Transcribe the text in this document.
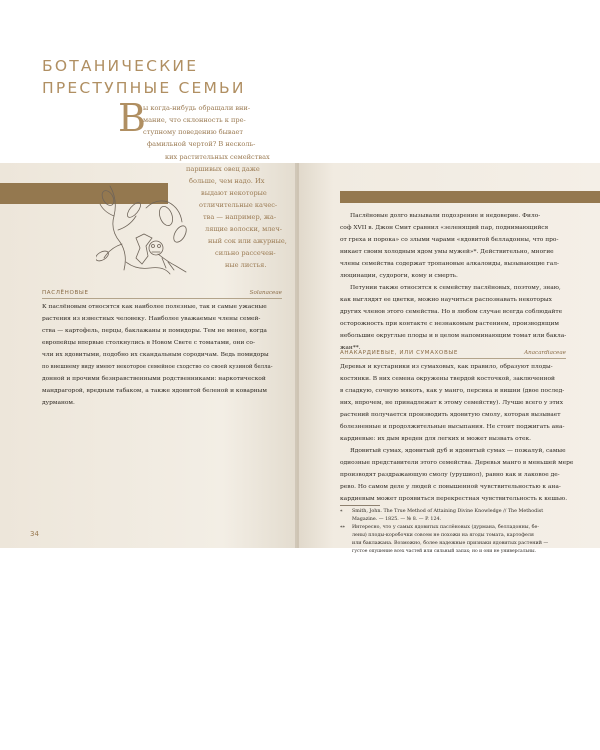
ПРИЧИНЯЮЩИЕ БОЛЬ	ПРИЧИНЯЮЩИЕ БОЛЬ / БОТАНИЧЕСКИЕ ПРЕСТУПНЫЕ СЕМЬИ
БОТАНИЧЕСКИЕ
ПРЕСТУПНЫЕ СЕМЬИ
В
ы когда-нибудь обращали вни-
мание, что склонность к пре-
ступному поведению бывает
фамильной чертой? В несколь-
ких растительных семействах
паршивых овец даже
больше, чем надо. Их
выдают некоторые
отличительные качес-
тва — например, жа-
лящие волоски, млеч-
ный сок или ажурные,
сильно рассечен-
ные листья.
ПАСЛЁНОВЫЕ	Solanaceae
К паслёновым относятся как наиболее полезные, так и самые ужасные
растения из известных человеку. Наиболее уважаемые члены семей-
ства — картофель, перцы, баклажаны и помидоры. Тем не менее, когда
европейцы впервые столкнулись в Новом Свете с томатами, они со-
чли их ядовитыми, подобно их скандальным сородичам. Ведь помидоры
по внешнему виду имеют некоторое семейное сходство со своей кузиной белла-
донной и прочими безнравственными родственниками: наркотической
мандрагорой, вредным табаком, а также ядовитой беленой и коварным
дурманом.
34
Паслёновые долго вызывали подозрение и недоверие. Фило-
соф XVII в. Джон Смит сравнил «зеленящий пар, поднимающийся
от греха и порока» со злыми чарами «ядовитой белладонны, что про-
никает своим холодным ядом умы мужей»*. Действительно, многие
члены семейства содержат тропановые алкалоиды, вызывающие гал-
люцинации, судороги, кому и смерть.
Петунии также относятся к семейству паслёновых, поэтому, знаю,
как выглядят ее цветки, можно научиться распознавать некоторых
других членов этого семейства. Но в любом случае всегда соблюдайте
осторожность при контакте с незнакомым растением, производящим
небольшие округлые плоды и в целом напоминающим томат или бакла-
жан**.
АНАКАРДИЕВЫЕ, ИЛИ СУМАХОВЫЕ	Anacardiaceae
Деревья и кустарники из сумаховых, как правило, образуют плоды-
костянки. В них семена окружены твердой косточкой, заключенной
в сладкую, сочную мякоть, как у манго, персика и вишни (двое послед-
них, впрочем, не принадлежат к этому семейству). Лучше всего у этих
растений получается производить ядовитую смолу, которая вызывает
болезненные и продолжительные высыпания. Не стоит поджигать ана-
кардиевые: их дым вреден для легких и может вызвать отек.
Ядовитый сумах, ядовитый дуб и ядовитый сумах — пожалуй, самые
одиозные представители этого семейства. Деревья манго в меньшей мере
производят раздражающую смолу (урушиол), равно как и лаковое де-
рево. Но самом деле у людей с повышенной чувствительностью к ана-
кардиевым может проявиться перекрестная чувствительность к кешью.
* Smith, John. The True Method of Attaining Divine Knowledge // The Methodist
Magazine. — 1825. — № 8. — P. 124.
** Интересно, что у самых ядовитых паслёновых (дурмана, белладонны, бе-
лены) плоды-коробочки совсем не похожи на ягоды томата, картофеля
или баклажана. Возможно, более надежные признаки ядовитых растений —
густое опушение всех частей или сильный запах; но и они не универсальны.
